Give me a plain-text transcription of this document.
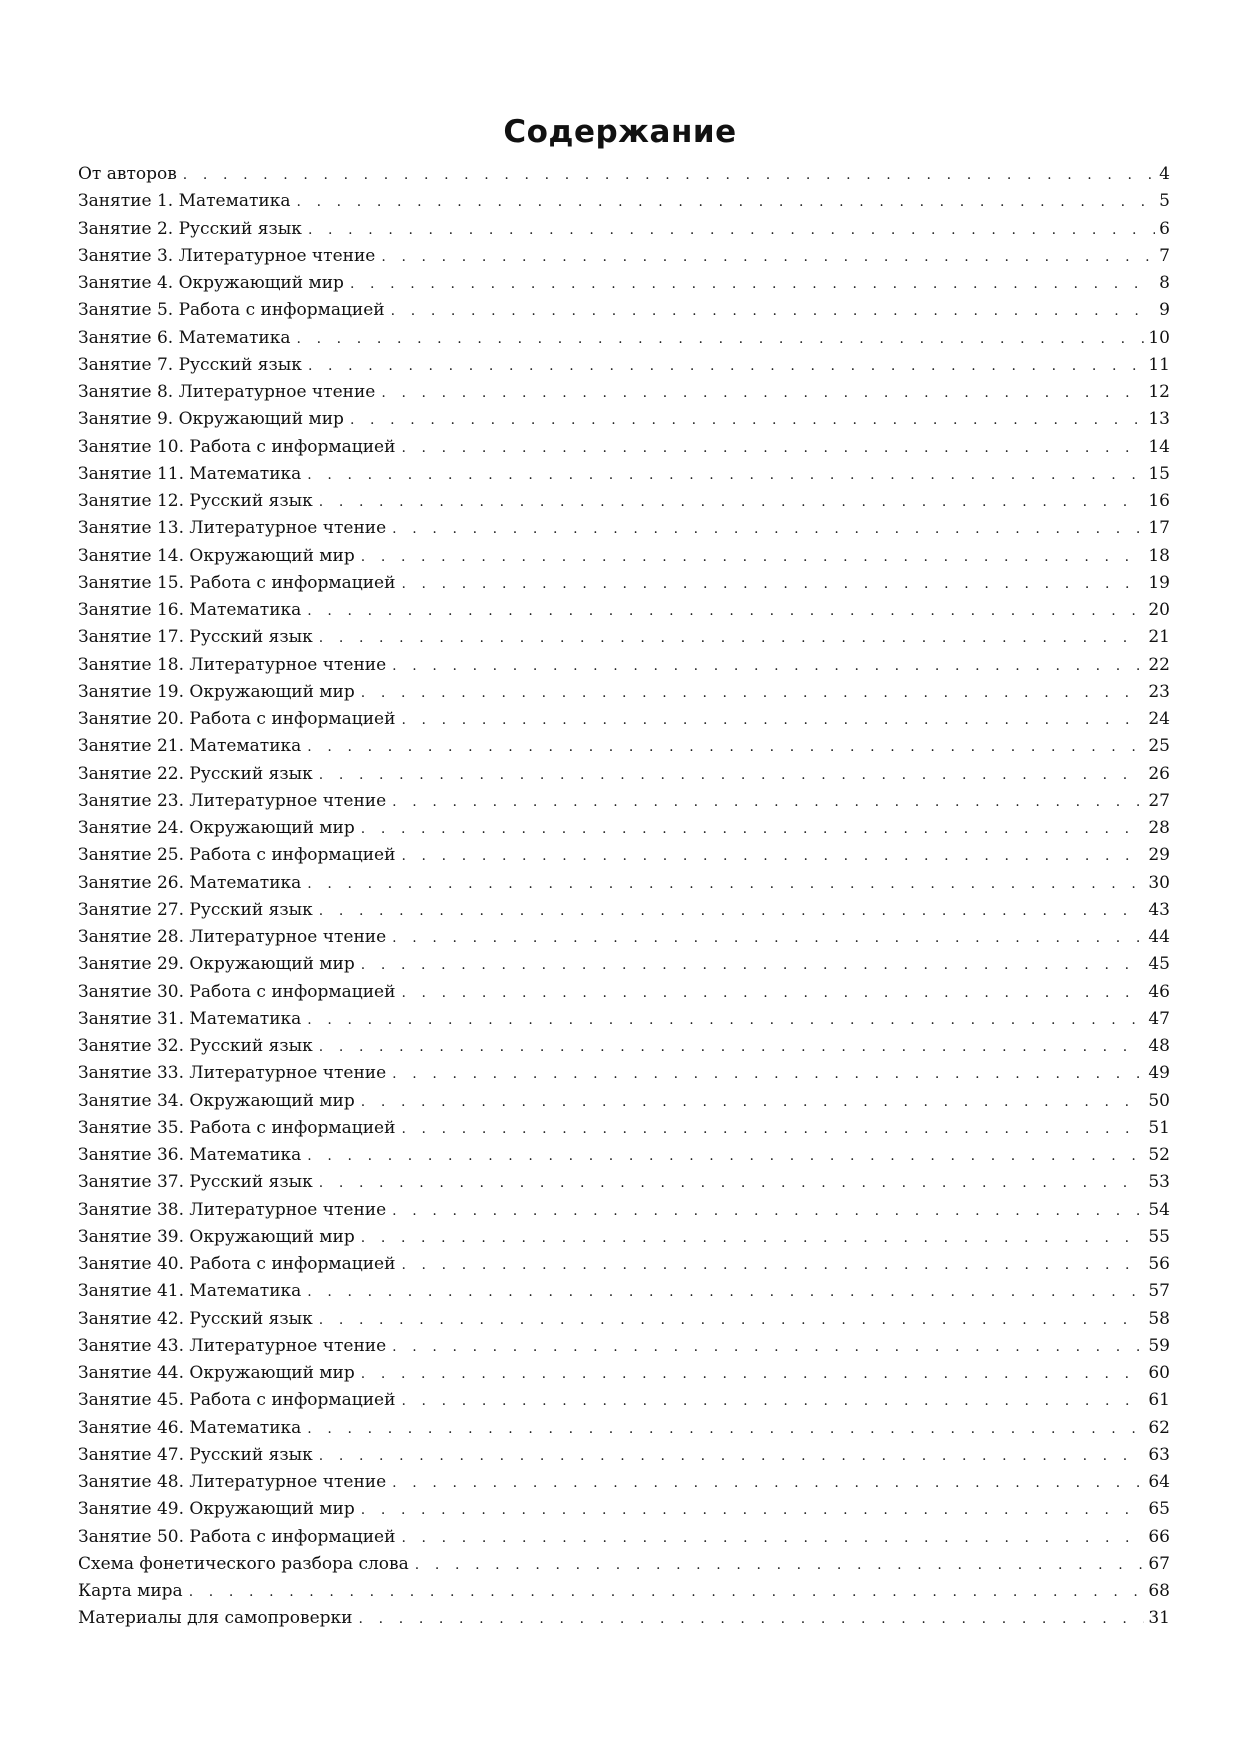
Содержание
От авторов . . .	4
Занятие 1. Математика . . .	5
Занятие 2. Русский язык . . .	6
Занятие 3. Литературное чтение . . .	7
Занятие 4. Окружающий мир . . .	8
Занятие 5. Работа с информацией . . .	9
Занятие 6. Математика . . .	10
Занятие 7. Русский язык . . .	11
Занятие 8. Литературное чтение . . .	12
Занятие 9. Окружающий мир . . .	13
Занятие 10. Работа с информацией . . .	14
Занятие 11. Математика . . .	15
Занятие 12. Русский язык . . .	16
Занятие 13. Литературное чтение . . .	17
Занятие 14. Окружающий мир . . .	18
Занятие 15. Работа с информацией . . .	19
Занятие 16. Математика . . .	20
Занятие 17. Русский язык . . .	21
Занятие 18. Литературное чтение . . .	22
Занятие 19. Окружающий мир . . .	23
Занятие 20. Работа с информацией . . .	24
Занятие 21. Математика . . .	25
Занятие 22. Русский язык . . .	26
Занятие 23. Литературное чтение . . .	27
Занятие 24. Окружающий мир . . .	28
Занятие 25. Работа с информацией . . .	29
Занятие 26. Математика . . .	30
Занятие 27. Русский язык . . .	43
Занятие 28. Литературное чтение . . .	44
Занятие 29. Окружающий мир . . .	45
Занятие 30. Работа с информацией . . .	46
Занятие 31. Математика . . .	47
Занятие 32. Русский язык . . .	48
Занятие 33. Литературное чтение . . .	49
Занятие 34. Окружающий мир . . .	50
Занятие 35. Работа с информацией . . .	51
Занятие 36. Математика . . .	52
Занятие 37. Русский язык . . .	53
Занятие 38. Литературное чтение . . .	54
Занятие 39. Окружающий мир . . .	55
Занятие 40. Работа с информацией . . .	56
Занятие 41. Математика . . .	57
Занятие 42. Русский язык . . .	58
Занятие 43. Литературное чтение . . .	59
Занятие 44. Окружающий мир . . .	60
Занятие 45. Работа с информацией . . .	61
Занятие 46. Математика . . .	62
Занятие 47. Русский язык . . .	63
Занятие 48. Литературное чтение . . .	64
Занятие 49. Окружающий мир . . .	65
Занятие 50. Работа с информацией . . .	66
Схема фонетического разбора слова . . .	67
Карта мира . . .	68
Материалы для самопроверки . . .	31
